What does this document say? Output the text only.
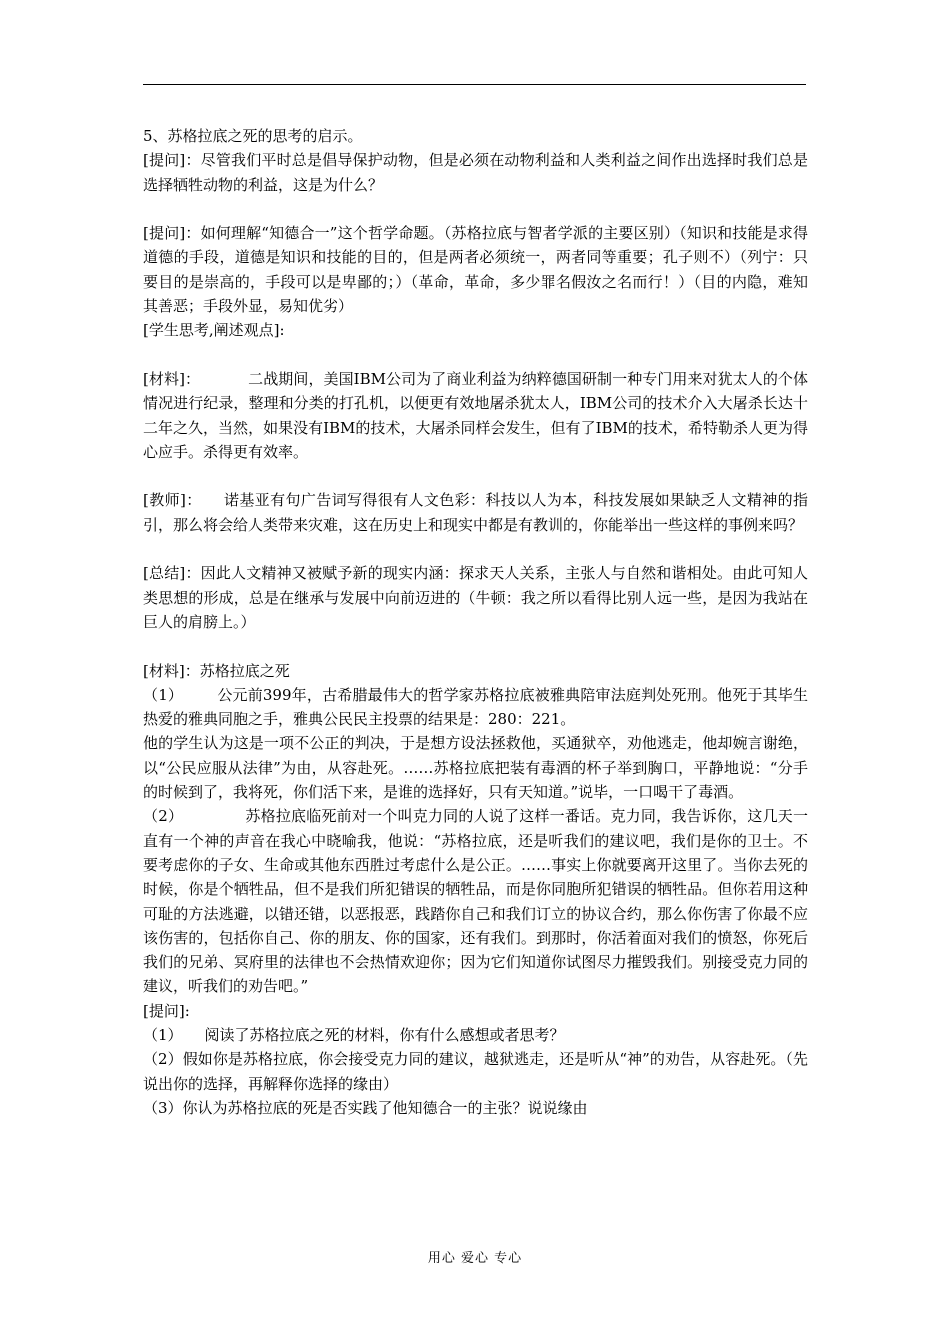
5、苏格拉底之死的思考的启示。

[提问]：尽管我们平时总是倡导保护动物，但是必须在动物利益和人类利益之间作出选择时我们总是选择牺牲动物的利益，这是为什么？

[提问]：如何理解“知德合一”这个哲学命题。（苏格拉底与智者学派的主要区别）（知识和技能是求得道德的手段，道德是知识和技能的目的，但是两者必须统一，两者同等重要；孔子则不）（列宁：只要目的是崇高的，手段可以是卑鄙的；）（革命，革命，多少罪名假汝之名而行！）（目的内隐，难知其善恶；手段外显，易知优劣）

[学生思考,阐述观点]:

[材料]：	二战期间，美国IBM公司为了商业利益为纳粹德国研制一种专门用来对犹太人的个体情况进行纪录，整理和分类的打孔机，以便更有效地屠杀犹太人，IBM公司的技术介入大屠杀长达十二年之久，当然，如果没有IBM的技术，大屠杀同样会发生，但有了IBM的技术，希特勒杀人更为得心应手。杀得更有效率。

[教师]： 诺基亚有句广告词写得很有人文色彩：科技以人为本，科技发展如果缺乏人文精神的指引，那么将会给人类带来灾难，这在历史上和现实中都是有教训的，你能举出一些这样的事例来吗？

[总结]：因此人文精神又被赋予新的现实内涵：探求天人关系，主张人与自然和谐相处。由此可知人类思想的形成，总是在继承与发展中向前迈进的（牛顿：我之所以看得比别人远一些，是因为我站在巨人的肩膀上。）

[材料]：苏格拉底之死

（1） 公元前399年，古希腊最伟大的哲学家苏格拉底被雅典陪审法庭判处死刑。他死于其毕生热爱的雅典同胞之手，雅典公民民主投票的结果是：280：221。

他的学生认为这是一项不公正的判决，于是想方设法拯救他，买通狱卒，劝他逃走，他却婉言谢绝，以“公民应服从法律”为由，从容赴死。……苏格拉底把装有毒酒的杯子举到胸口，平静地说：“分手的时候到了，我将死，你们活下来，是谁的选择好，只有天知道。”说毕，一口喝干了毒酒。

（2）	苏格拉底临死前对一个叫克力同的人说了这样一番话。克力同，我告诉你，这几天一直有一个神的声音在我心中晓喻我，他说：“苏格拉底，还是听我们的建议吧，我们是你的卫士。不要考虑你的子女、生命或其他东西胜过考虑什么是公正。……事实上你就要离开这里了。当你去死的时候，你是个牺牲品，但不是我们所犯错误的牺牲品，而是你同胞所犯错误的牺牲品。但你若用这种可耻的方法逃避，以错还错，以恶报恶，践踏你自己和我们订立的协议合约，那么你伤害了你最不应该伤害的，包括你自己、你的朋友、你的国家，还有我们。到那时，你活着面对我们的愤怒，你死后我们的兄弟、冥府里的法律也不会热情欢迎你；因为它们知道你试图尽力摧毁我们。别接受克力同的建议，听我们的劝告吧。”

[提问]:

（1） 阅读了苏格拉底之死的材料，你有什么感想或者思考？

（2）假如你是苏格拉底，你会接受克力同的建议，越狱逃走，还是听从“神”的劝告，从容赴死。（先说出你的选择，再解释你选择的缘由）

（3）你认为苏格拉底的死是否实践了他知德合一的主张？说说缘由

用心 爱心 专心
